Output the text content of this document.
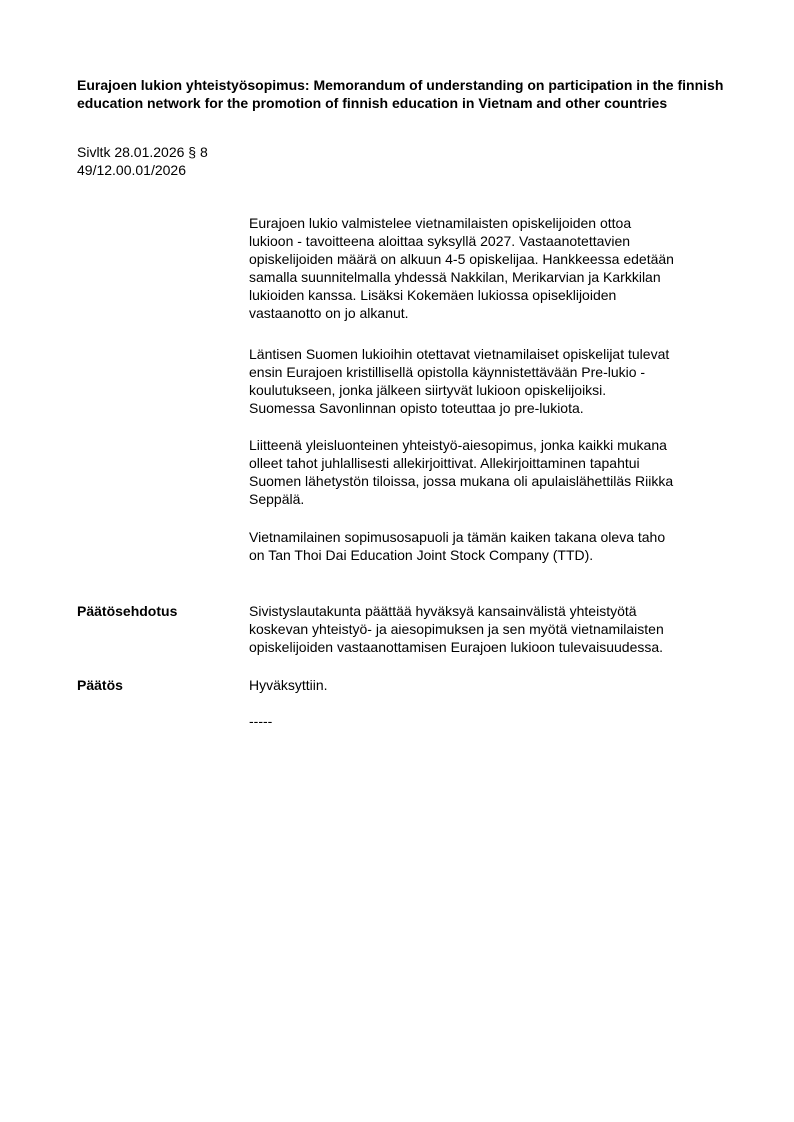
Eurajoen lukion yhteistyösopimus: Memorandum of understanding on participation in the finnish education network for the promotion of finnish education in Vietnam and other countries
Sivltk 28.01.2026 § 8
49/12.00.01/2026

Eurajoen lukio valmistelee vietnamilaisten opiskelijoiden ottoa
lukioon - tavoitteena aloittaa syksyllä 2027. Vastaanotettavien
opiskelijoiden määrä on alkuun 4-5 opiskelijaa. Hankkeessa edetään
samalla suunnitelmalla yhdessä Nakkilan, Merikarvian ja Karkkilan
lukioiden kanssa. Lisäksi Kokemäen lukiossa opiseklijoiden
vastaanotto on jo alkanut.

Läntisen Suomen lukioihin otettavat vietnamilaiset opiskelijat tulevat
ensin Eurajoen kristillisellä opistolla käynnistettävään Pre-lukio -
koulutukseen, jonka jälkeen siirtyvät lukioon opiskelijoiksi.
Suomessa Savonlinnan opisto toteuttaa jo pre-lukiota.

Liitteenä yleisluonteinen yhteistyö-aiesopimus, jonka kaikki mukana
olleet tahot juhlallisesti allekirjoittivat. Allekirjoittaminen tapahtui
Suomen lähetystön tiloissa, jossa mukana oli apulaislähettiläs Riikka
Seppälä.

Vietnamilainen sopimusosapuoli ja tämän kaiken takana oleva taho
on Tan Thoi Dai Education Joint Stock Company (TTD).

Päätösehdotus	Sivistyslautakunta päättää hyväksyä kansainvälistä yhteistyötä
koskevan yhteistyö- ja aiesopimuksen ja sen myötä vietnamilaisten
opiskelijoiden vastaanottamisen Eurajoen lukioon tulevaisuudessa.

Päätös	Hyväksyttiin.

-----
